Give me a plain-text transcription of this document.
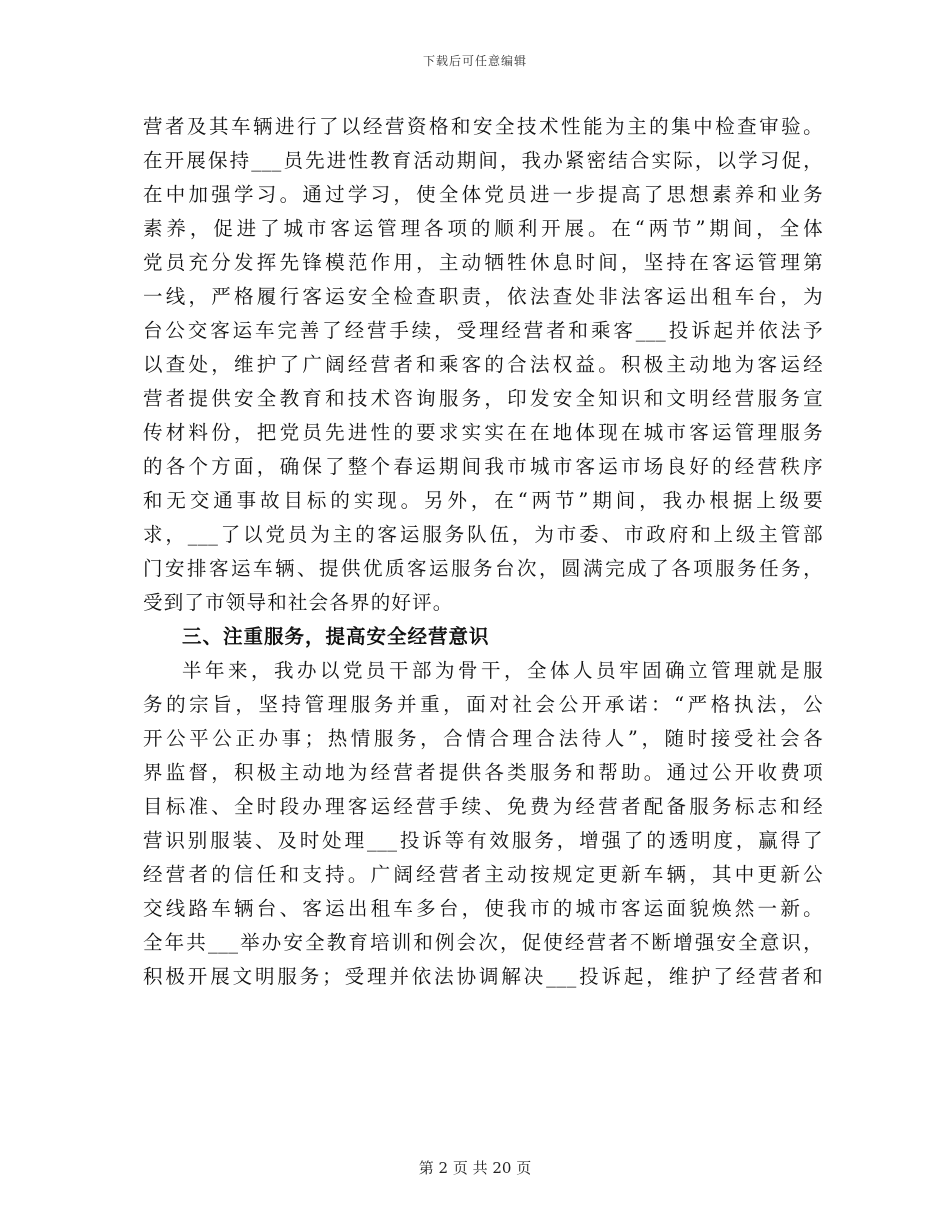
下载后可任意编辑
营者及其车辆进行了以经营资格和安全技术性能为主的集中检查审验。
在开展保持___员先进性教育活动期间，我办紧密结合实际，以学习促，
在中加强学习。通过学习，使全体党员进一步提高了思想素养和业务
素养，促进了城市客运管理各项的顺利开展。在“两节”期间，全体
党员充分发挥先锋模范作用，主动牺牲休息时间，坚持在客运管理第
一线，严格履行客运安全检查职责，依法查处非法客运出租车台，为
台公交客运车完善了经营手续，受理经营者和乘客___投诉起并依法予
以查处，维护了广阔经营者和乘客的合法权益。积极主动地为客运经
营者提供安全教育和技术咨询服务，印发安全知识和文明经营服务宣
传材料份，把党员先进性的要求实实在在地体现在城市客运管理服务
的各个方面，确保了整个春运期间我市城市客运市场良好的经营秩序
和无交通事故目标的实现。另外，在“两节”期间，我办根据上级要
求，___了以党员为主的客运服务队伍，为市委、市政府和上级主管部
门安排客运车辆、提供优质客运服务台次，圆满完成了各项服务任务，
受到了市领导和社会各界的好评。
三、注重服务，提高安全经营意识
半年来，我办以党员干部为骨干，全体人员牢固确立管理就是服
务的宗旨，坚持管理服务并重，面对社会公开承诺：“严格执法，公
开公平公正办事；热情服务，合情合理合法待人”，随时接受社会各
界监督，积极主动地为经营者提供各类服务和帮助。通过公开收费项
目标准、全时段办理客运经营手续、免费为经营者配备服务标志和经
营识别服装、及时处理___投诉等有效服务，增强了的透明度，赢得了
经营者的信任和支持。广阔经营者主动按规定更新车辆，其中更新公
交线路车辆台、客运出租车多台，使我市的城市客运面貌焕然一新。
全年共___举办安全教育培训和例会次，促使经营者不断增强安全意识，
积极开展文明服务；受理并依法协调解决___投诉起，维护了经营者和
第 2 页 共 20 页
